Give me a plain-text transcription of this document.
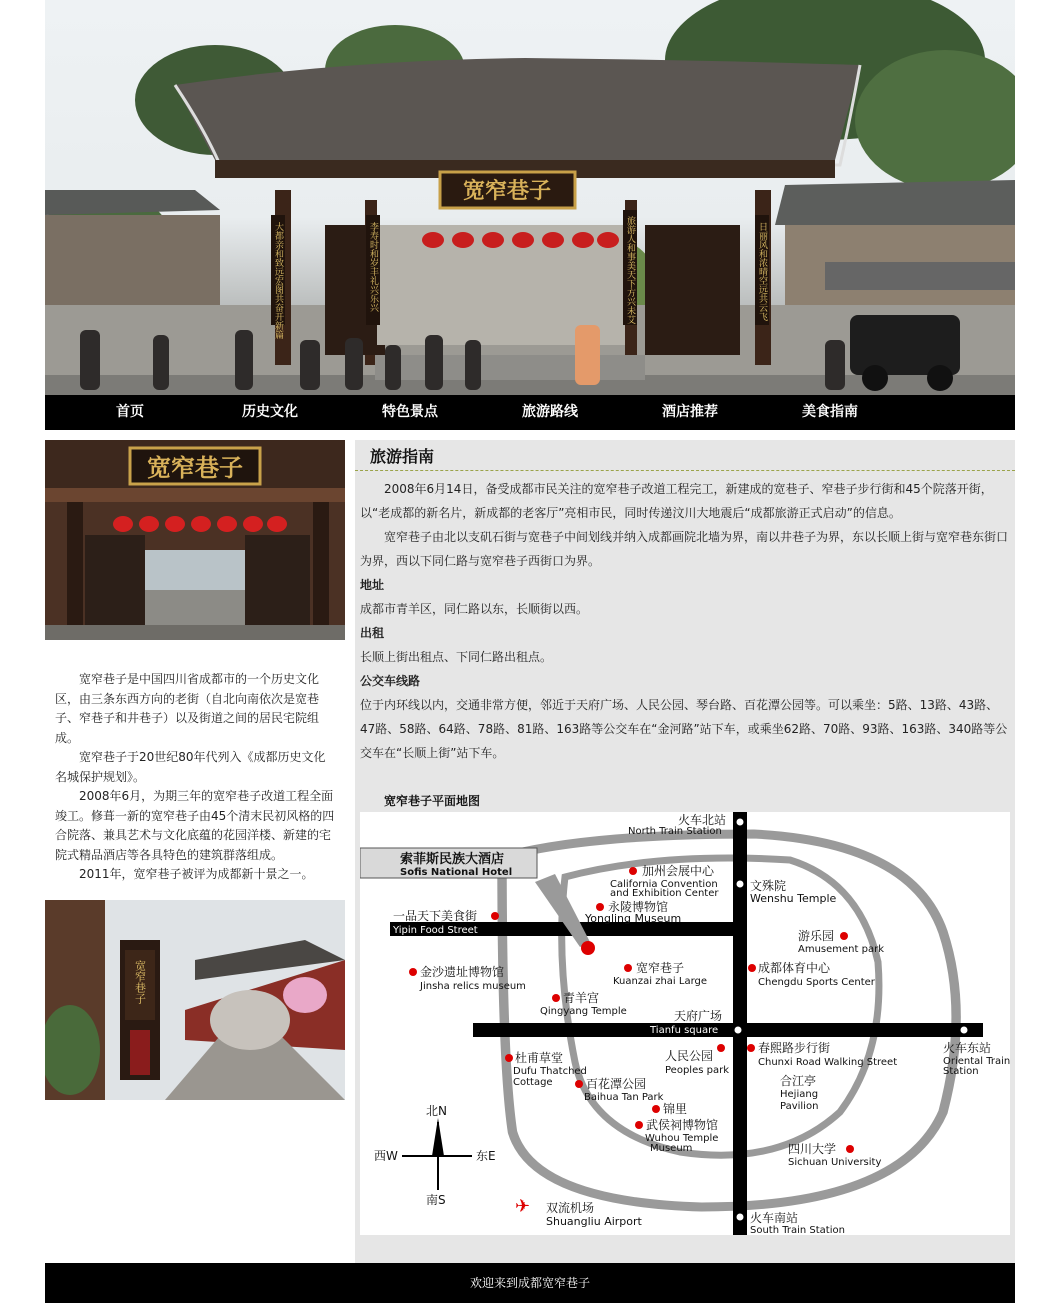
宽窄巷子
大都亲和致远宏图共奋开新篇	李寿时和岁丰礼兴乐兴	旅游人和事美天下方兴未艾	日丽风和浓晴空远共云飞
首页	历史文化	特色景点	旅游路线	酒店推荐	美食指南
宽窄巷子

宽窄巷子是中国四川省成都市的一个历史文化区，由三条东西方向的老街（自北向南依次是宽巷子、窄巷子和井巷子）以及街道之间的居民宅院组成。

宽窄巷子于20世纪80年代列入《成都历史文化名城保护规划》。

2008年6月，为期三年的宽窄巷子改道工程全面竣工。修葺一新的宽窄巷子由45个清末民初风格的四合院落、兼具艺术与文化底蕴的花园洋楼、新建的宅院式精品酒店等各具特色的建筑群落组成。

2011年，宽窄巷子被评为成都新十景之一。

宽窄巷子
旅游指南

2008年6月14日，备受成都市民关注的宽窄巷子改道工程完工，新建成的宽巷子、窄巷子步行街和45个院落开街，以“老成都的新名片，新成都的老客厅”亮相市民，同时传递汶川大地震后“成都旅游正式启动”的信息。

宽窄巷子由北以支矶石街与宽巷子中间划线并纳入成都画院北墙为界，南以井巷子为界，东以长顺上街与宽窄巷东街口为界，西以下同仁路与宽窄巷子西街口为界。

地址

成都市青羊区，同仁路以东，长顺街以西。

出租

长顺上街出租点、下同仁路出租点。

公交车线路

位于内环线以内，交通非常方便，邻近于天府广场、人民公园、琴台路、百花潭公园等。可以乘坐：5路、13路、43路、47路、58路、64路、78路、81路、163路等公交车在“金河路”站下车，或乘坐62路、70路、93路、163路、340路等公交车在“长顺上街”站下车。

宽窄巷子平面地图
火车北站
North Train Station
索菲斯民族大酒店
Sofis National Hotel	加州会展中心
California Convention
and Exhibition Center
文殊院
Wenshu Temple
永陵博物馆
Yongling Museum
一品天下美食街
Yipin Food Street	游乐园
Amusement park
金沙遗址博物馆
Jinsha relics museum
宽窄巷子
Kuanzai zhai Large
成都体育中心
Chengdu Sports Center
青羊宫
Qingyang Temple	天府广场
Tianfu square
火车东站
Oriental Train
Station
杜甫草堂
Dufu Thatched
Cottage
人民公园
Peoples park
春熙路步行街
Chunxi Road Walking Street
百花潭公园
Baihua Tan Park
合江亭
Hejiang
Pavilion
锦里
武侯祠博物馆
Wuhou Temple
Museum	四川大学
Sichuan University
北N
南S
西W	东E
✈ 双流机场
Shuangliu Airport	火车南站
South Train Station
欢迎来到成都宽窄巷子
